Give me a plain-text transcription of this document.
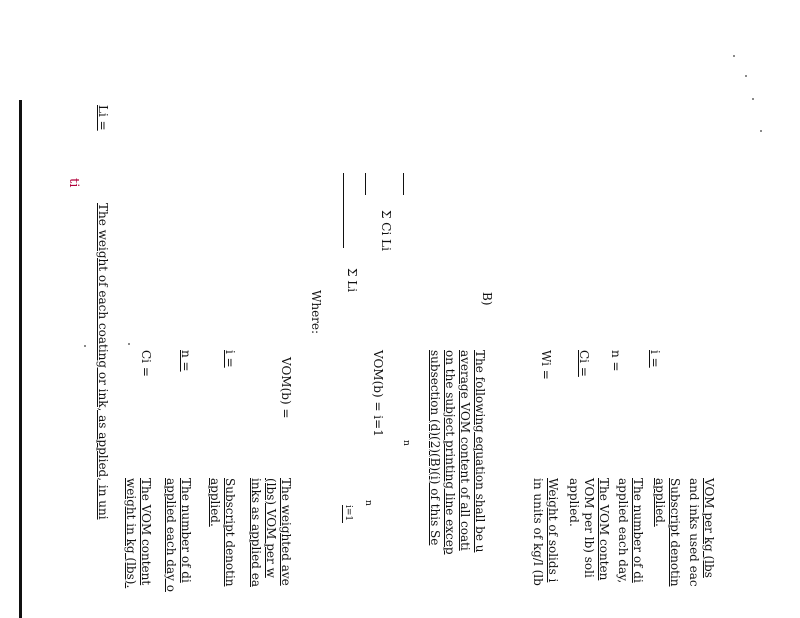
VOM per kg (lbs
and inks used eac
Subscript denotin
applied.
The number of di
applied each day,
The VOM conten
VOM per lb) soli
applied.
Weight of solids i
in units of kg/l (lb
i =
n =
Ci =
Wi =
B)
The following equation shall be u
average VOM content of all coati
on the subject printing line excep
subsection (d)(2)(B)(i) of this Se
n
VOM(b) = i=1
n
i=1
Σ Ci Li
Σ Li
Where:
VOM(b) =
The weighted ave
(lbs) VOM per w
inks as applied ea
i =
Subscript denotin
applied.
n =
The number of di
applied each day o
Ci =
The VOM content
weight in kg (lbs).
ti
Li =
The weight of each coating or ink, as applied, in uni
